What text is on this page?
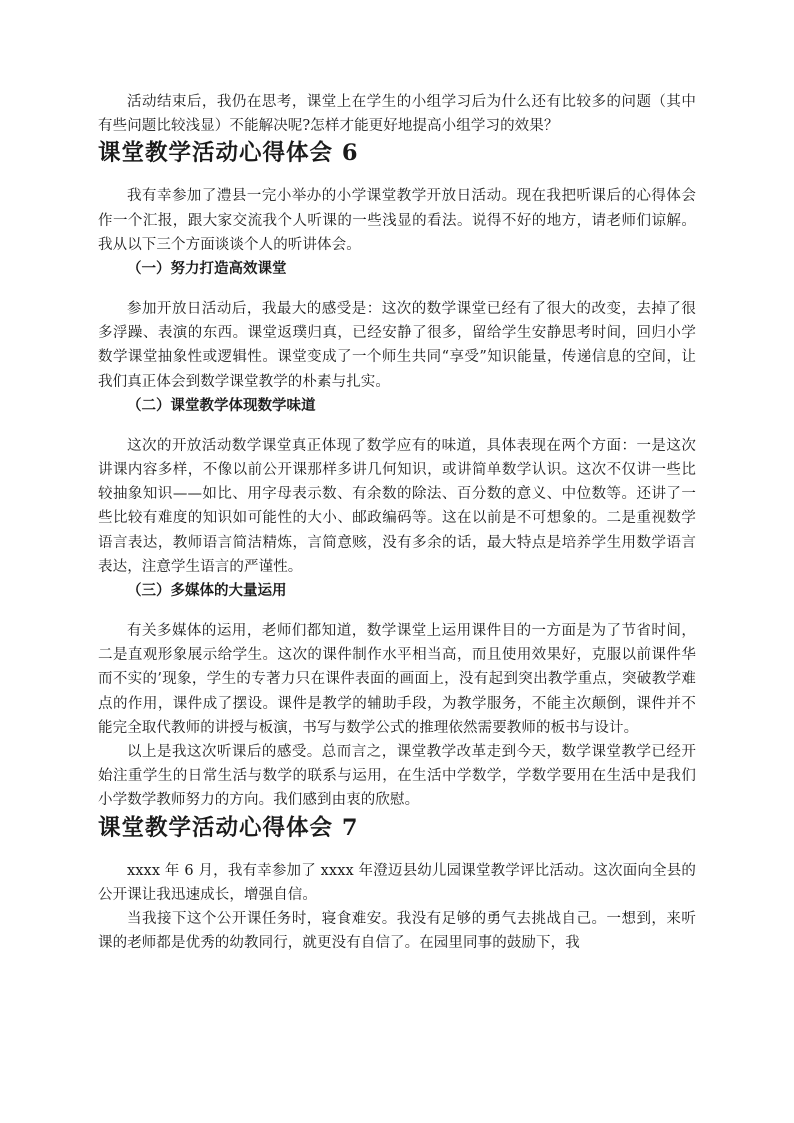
活动结束后，我仍在思考，课堂上在学生的小组学习后为什么还有比较多的问题（其中有些问题比较浅显）不能解决呢?怎样才能更好地提高小组学习的效果？

课堂教学活动心得体会 6

我有幸参加了澧县一完小举办的小学课堂教学开放日活动。现在我把听课后的心得体会作一个汇报，跟大家交流我个人听课的一些浅显的看法。说得不好的地方，请老师们谅解。我从以下三个方面谈谈个人的听讲体会。

（一）努力打造高效课堂

参加开放日活动后，我最大的感受是：这次的数学课堂已经有了很大的改变，去掉了很多浮躁、表演的东西。课堂返璞归真，已经安静了很多，留给学生安静思考时间，回归小学数学课堂抽象性或逻辑性。课堂变成了一个师生共同“享受”知识能量，传递信息的空间，让我们真正体会到数学课堂教学的朴素与扎实。

（二）课堂教学体现数学味道

这次的开放活动数学课堂真正体现了数学应有的味道，具体表现在两个方面：一是这次讲课内容多样，不像以前公开课那样多讲几何知识，或讲简单数学认识。这次不仅讲一些比较抽象知识——如比、用字母表示数、有余数的除法、百分数的意义、中位数等。还讲了一些比较有难度的知识如可能性的大小、邮政编码等。这在以前是不可想象的。二是重视数学语言表达，教师语言简洁精炼，言简意赅，没有多余的话，最大特点是培养学生用数学语言表达，注意学生语言的严谨性。

（三）多媒体的大量运用

有关多媒体的运用，老师们都知道，数学课堂上运用课件目的一方面是为了节省时间，二是直观形象展示给学生。这次的课件制作水平相当高，而且使用效果好，克服以前课件华而不实的’现象，学生的专著力只在课件表面的画面上，没有起到突出教学重点，突破教学难点的作用，课件成了摆设。课件是教学的辅助手段，为教学服务，不能主次颠倒，课件并不能完全取代教师的讲授与板演，书写与数学公式的推理依然需要教师的板书与设计。

以上是我这次听课后的感受。总而言之，课堂教学改革走到今天，数学课堂教学已经开始注重学生的日常生活与数学的联系与运用，在生活中学数学，学数学要用在生活中是我们小学数学教师努力的方向。我们感到由衷的欣慰。

课堂教学活动心得体会 7

xxxx 年 6 月，我有幸参加了 xxxx 年澄迈县幼儿园课堂教学评比活动。这次面向全县的公开课让我迅速成长，增强自信。

当我接下这个公开课任务时，寝食难安。我没有足够的勇气去挑战自己。一想到，来听课的老师都是优秀的幼教同行，就更没有自信了。在园里同事的鼓励下，我
